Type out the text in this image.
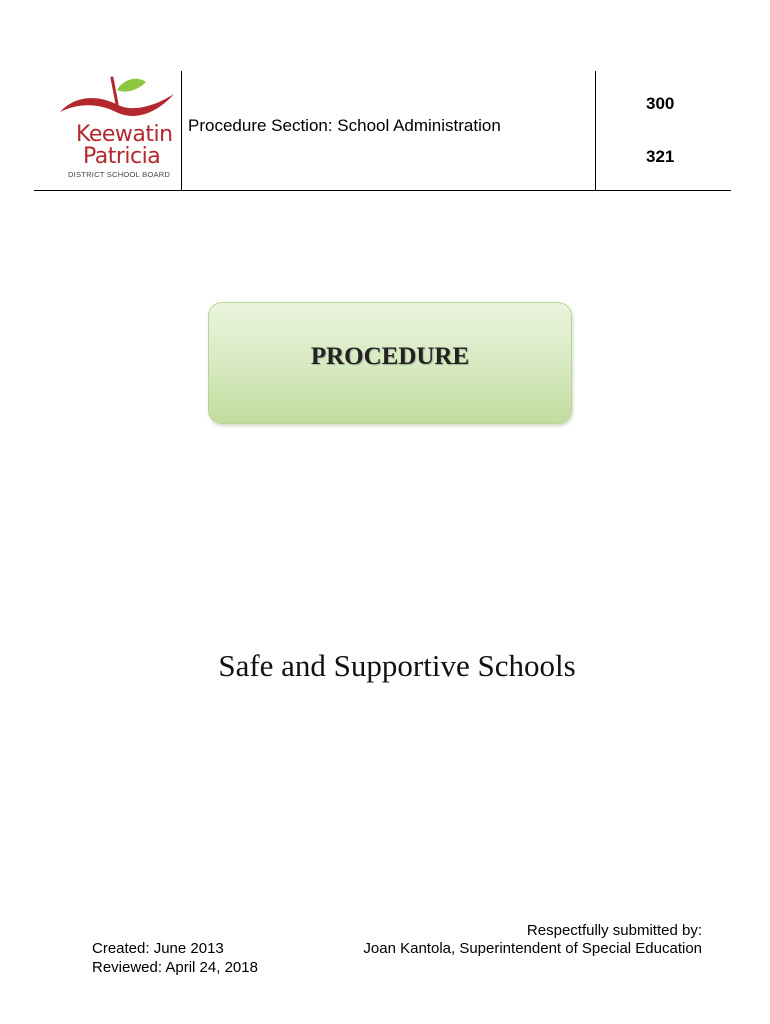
Keewatin
Patricia
DISTRICT SCHOOL BOARD
Procedure Section: School Administration
300
321
PROCEDURE
Safe and Supportive Schools
Created: June 2013
Reviewed: April 24, 2018
Respectfully submitted by:
Joan Kantola, Superintendent of Special Education
